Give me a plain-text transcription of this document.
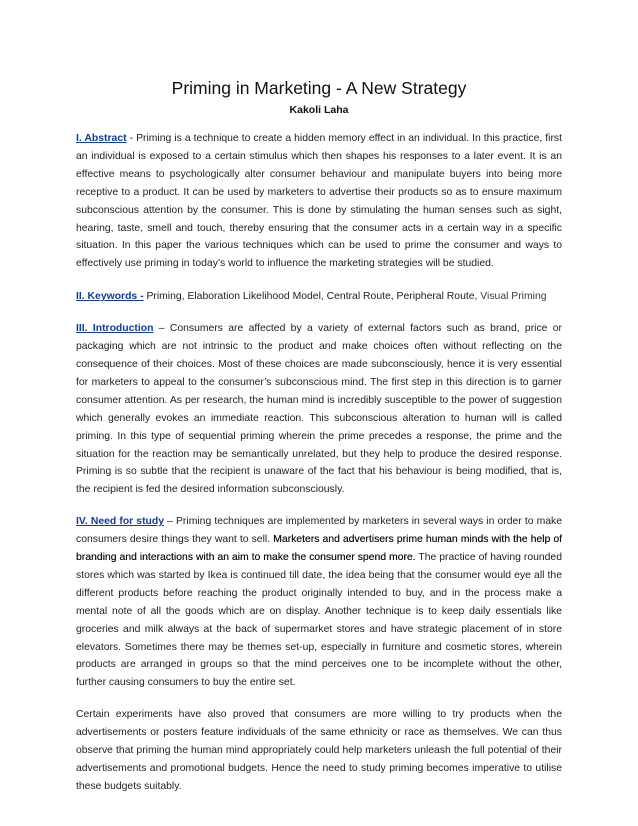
Priming in Marketing - A New Strategy
Kakoli Laha

I. Abstract - Priming is a technique to create a hidden memory effect in an individual. In this practice, first an individual is exposed to a certain stimulus which then shapes his responses to a later event. It is an effective means to psychologically alter consumer behaviour and manipulate buyers into being more receptive to a product. It can be used by marketers to advertise their products so as to ensure maximum subconscious attention by the consumer. This is done by stimulating the human senses such as sight, hearing, taste, smell and touch, thereby ensuring that the consumer acts in a certain way in a specific situation. In this paper the various techniques which can be used to prime the consumer and ways to effectively use priming in today’s world to influence the marketing strategies will be studied.

II. Keywords - Priming, Elaboration Likelihood Model, Central Route, Peripheral Route, Visual Priming

III. Introduction – Consumers are affected by a variety of external factors such as brand, price or packaging which are not intrinsic to the product and make choices often without reflecting on the consequence of their choices. Most of these choices are made subconsciously, hence it is very essential for marketers to appeal to the consumer’s subconscious mind. The first step in this direction is to garner consumer attention. As per research, the human mind is incredibly susceptible to the power of suggestion which generally evokes an immediate reaction. This subconscious alteration to human will is called priming. In this type of sequential priming wherein the prime precedes a response, the prime and the situation for the reaction may be semantically unrelated, but they help to produce the desired response. Priming is so subtle that the recipient is unaware of the fact that his behaviour is being modified, that is, the recipient is fed the desired information subconsciously.

IV. Need for study – Priming techniques are implemented by marketers in several ways in order to make consumers desire things they want to sell. Marketers and advertisers prime human minds with the help of branding and interactions with an aim to make the consumer spend more. The practice of having rounded stores which was started by Ikea is continued till date, the idea being that the consumer would eye all the different products before reaching the product originally intended to buy, and in the process make a mental note of all the goods which are on display. Another technique is to keep daily essentials like groceries and milk always at the back of supermarket stores and have strategic placement of in store elevators. Sometimes there may be themes set-up, especially in furniture and cosmetic stores, wherein products are arranged in groups so that the mind perceives one to be incomplete without the other, further causing consumers to buy the entire set.

Certain experiments have also proved that consumers are more willing to try products when the advertisements or posters feature individuals of the same ethnicity or race as themselves. We can thus observe that priming the human mind appropriately could help marketers unleash the full potential of their advertisements and promotional budgets. Hence the need to study priming becomes imperative to utilise these budgets suitably.
